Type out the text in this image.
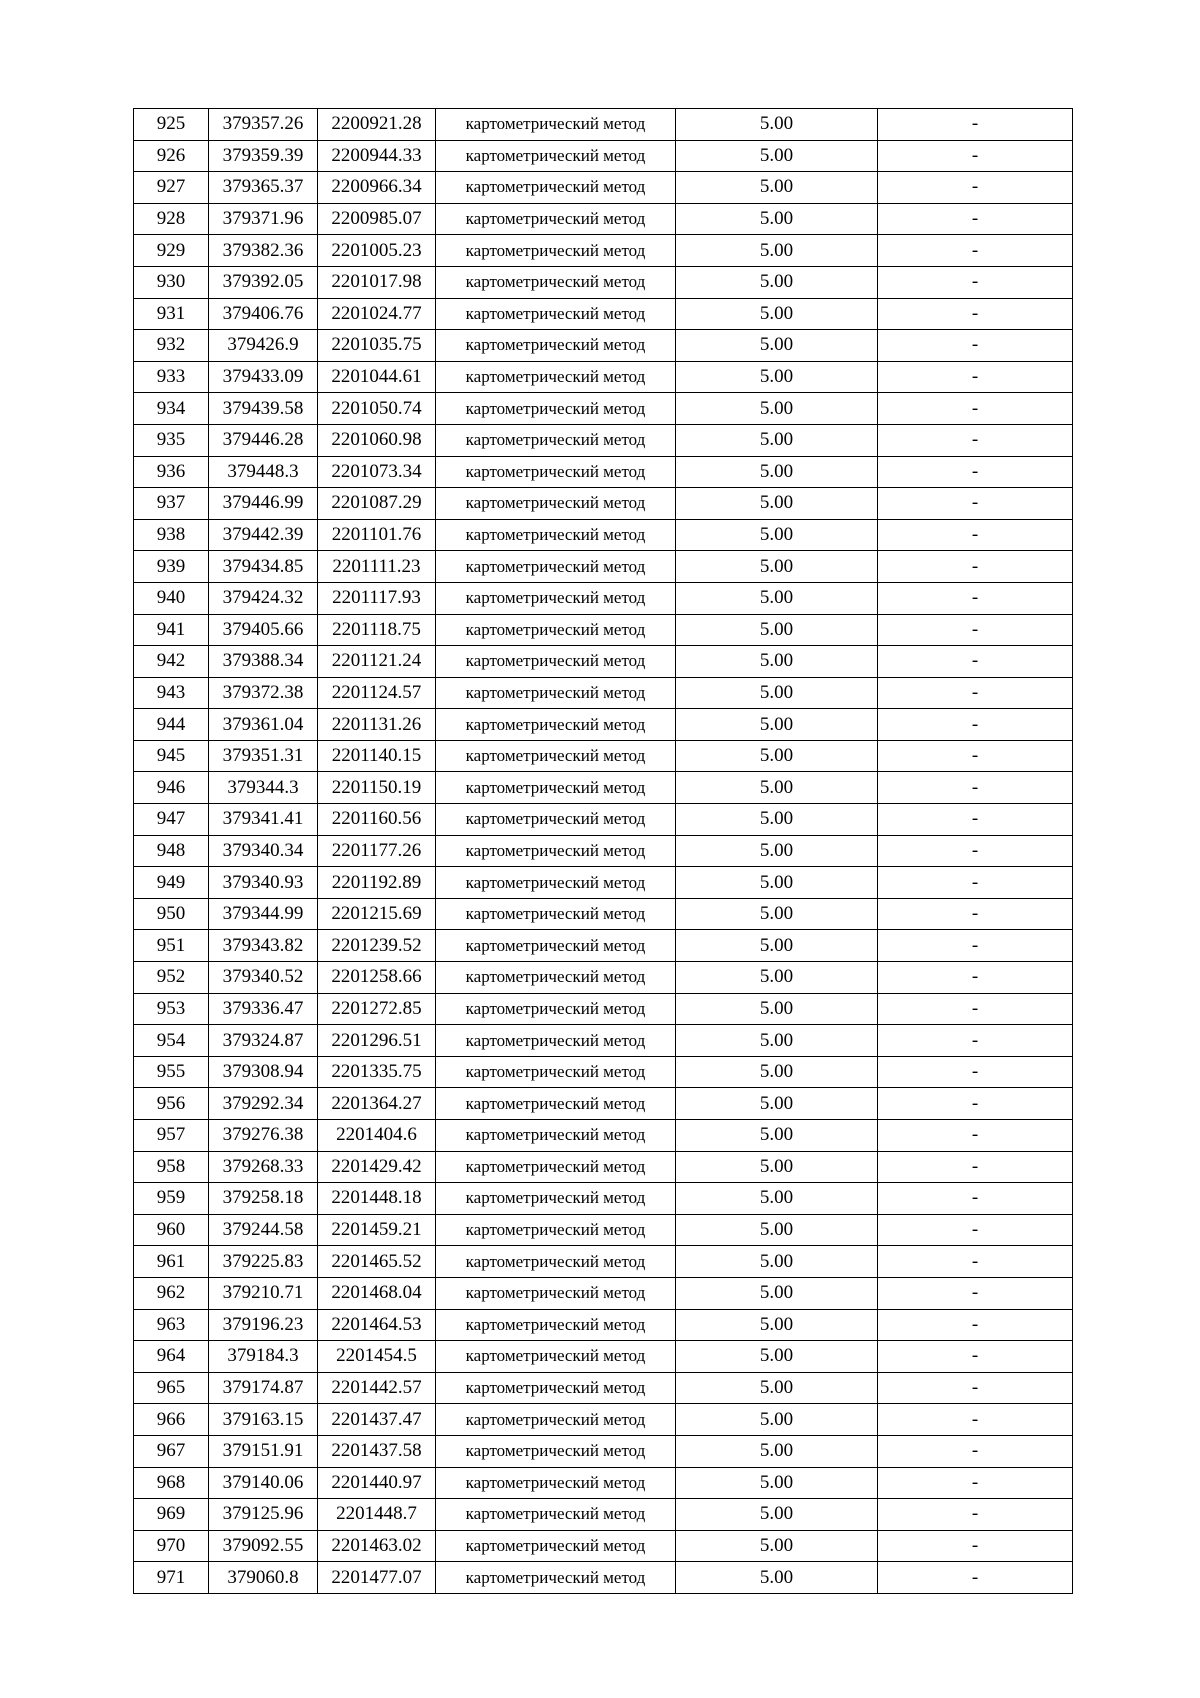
925	379357.26	2200921.28	картометрический метод	5.00	-
926	379359.39	2200944.33	картометрический метод	5.00	-
927	379365.37	2200966.34	картометрический метод	5.00	-
928	379371.96	2200985.07	картометрический метод	5.00	-
929	379382.36	2201005.23	картометрический метод	5.00	-
930	379392.05	2201017.98	картометрический метод	5.00	-
931	379406.76	2201024.77	картометрический метод	5.00	-
932	379426.9	2201035.75	картометрический метод	5.00	-
933	379433.09	2201044.61	картометрический метод	5.00	-
934	379439.58	2201050.74	картометрический метод	5.00	-
935	379446.28	2201060.98	картометрический метод	5.00	-
936	379448.3	2201073.34	картометрический метод	5.00	-
937	379446.99	2201087.29	картометрический метод	5.00	-
938	379442.39	2201101.76	картометрический метод	5.00	-
939	379434.85	2201111.23	картометрический метод	5.00	-
940	379424.32	2201117.93	картометрический метод	5.00	-
941	379405.66	2201118.75	картометрический метод	5.00	-
942	379388.34	2201121.24	картометрический метод	5.00	-
943	379372.38	2201124.57	картометрический метод	5.00	-
944	379361.04	2201131.26	картометрический метод	5.00	-
945	379351.31	2201140.15	картометрический метод	5.00	-
946	379344.3	2201150.19	картометрический метод	5.00	-
947	379341.41	2201160.56	картометрический метод	5.00	-
948	379340.34	2201177.26	картометрический метод	5.00	-
949	379340.93	2201192.89	картометрический метод	5.00	-
950	379344.99	2201215.69	картометрический метод	5.00	-
951	379343.82	2201239.52	картометрический метод	5.00	-
952	379340.52	2201258.66	картометрический метод	5.00	-
953	379336.47	2201272.85	картометрический метод	5.00	-
954	379324.87	2201296.51	картометрический метод	5.00	-
955	379308.94	2201335.75	картометрический метод	5.00	-
956	379292.34	2201364.27	картометрический метод	5.00	-
957	379276.38	2201404.6	картометрический метод	5.00	-
958	379268.33	2201429.42	картометрический метод	5.00	-
959	379258.18	2201448.18	картометрический метод	5.00	-
960	379244.58	2201459.21	картометрический метод	5.00	-
961	379225.83	2201465.52	картометрический метод	5.00	-
962	379210.71	2201468.04	картометрический метод	5.00	-
963	379196.23	2201464.53	картометрический метод	5.00	-
964	379184.3	2201454.5	картометрический метод	5.00	-
965	379174.87	2201442.57	картометрический метод	5.00	-
966	379163.15	2201437.47	картометрический метод	5.00	-
967	379151.91	2201437.58	картометрический метод	5.00	-
968	379140.06	2201440.97	картометрический метод	5.00	-
969	379125.96	2201448.7	картометрический метод	5.00	-
970	379092.55	2201463.02	картометрический метод	5.00	-
971	379060.8	2201477.07	картометрический метод	5.00	-
